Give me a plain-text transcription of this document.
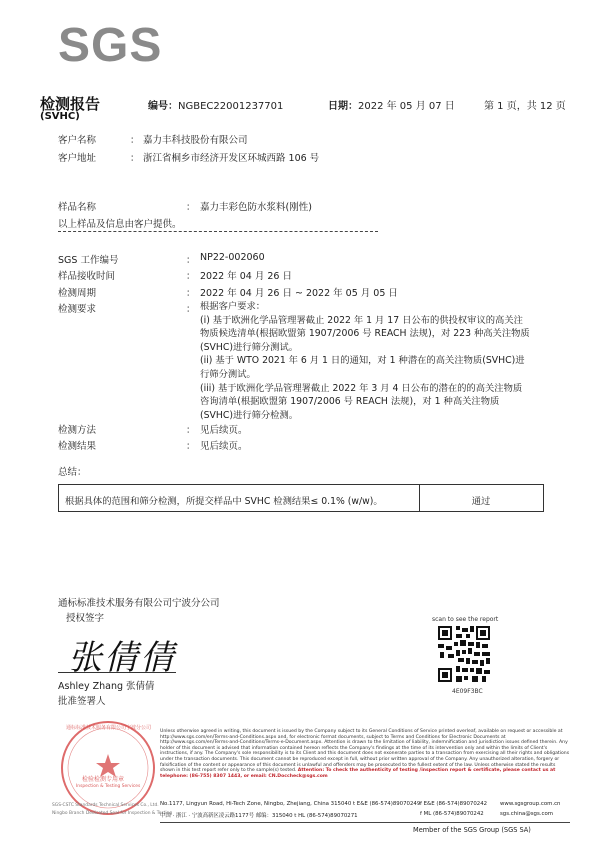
SGS
检测报告
(SVHC)
编号：NGBEC22001237701	日期：2022 年 05 月 07 日	第 1 页，共 12 页
客户名称	： 嘉力丰科技股份有限公司
客户地址	： 浙江省桐乡市经济开发区环城西路 106 号
样品名称	： 嘉力丰彩色防水浆料(刚性)
以上样品及信息由客户提供。
SGS 工作编号	： NP22-002060
样品接收时间	： 2022 年 04 月 26 日
检测周期	： 2022 年 04 月 26 日 ~ 2022 年 05 月 05 日
检测要求	： 根据客户要求：
(i) 基于欧洲化学品管理署截止 2022 年 1 月 17 日公布的供投权审议的高关注
物质候选清单(根据欧盟第 1907/2006 号 REACH 法规)，对 223 种高关注物质
(SVHC)进行筛分测试。
(ii) 基于 WTO 2021 年 6 月 1 日的通知，对 1 种潜在的高关注物质(SVHC)进
行筛分测试。
(iii) 基于欧洲化学品管理署截止 2022 年 3 月 4 日公布的潜在的的高关注物质
咨询清单(根据欧盟第 1907/2006 号 REACH 法规)，对 1 种高关注物质
(SVHC)进行筛分检测。
检测方法	： 见后续页。
检测结果	： 见后续页。
总结：
根据具体的范围和筛分检测，所提交样品中 SVHC 检测结果≤ 0.1% (w/w)。	通过
通标标准技术服务有限公司宁波分公司
授权签字
张倩倩
Ashley Zhang 张倩倩
批准签署人
scan to see the report
4E09F3BC
通标标准技术服务有限公司宁波分公司
检验检测专用章
Inspection & Testing Services
SGS-CSTC Standards Technical Services Co., Ltd.
Ningbo Branch Dedicated Seal for Inspection & Testing
Unless otherwise agreed in writing, this document is issued by the Company subject to its General Conditions of Service printed overleaf, available on request or accessible at http://www.sgs.com/en/Terms-and-Conditions.aspx and, for electronic format documents, subject to Terms and Conditions for Electronic Documents at http://www.sgs.com/en/Terms-and-Conditions/Terms-e-Document.aspx. Attention is drawn to the limitation of liability, indemnification and jurisdiction issues defined therein. Any holder of this document is advised that information contained hereon reflects the Company's findings at the time of its intervention only and within the limits of Client's instructions, if any. The Company's sole responsibility is to its Client and this document does not exonerate parties to a transaction from exercising all their rights and obligations under the transaction documents. This document cannot be reproduced except in full, without prior written approval of the Company. Any unauthorized alteration, forgery or falsification of the content or appearance of this document is unlawful and offenders may be prosecuted to the fullest extent of the law. Unless otherwise stated the results shown in this test report refer only to the sample(s) tested. Attention: To check the authenticity of testing /inspection report & certificate, please contact us at telephone: (86-755) 8307 1443, or email: CN.Doccheck@sgs.com
No.1177, Lingyun Road, Hi-Tech Zone, Ningbo, Zhejiang, China 315040 t E&E (86-574)89070249 f E&E (86-574)89070242 www.sgsgroup.com.cn
中国 · 浙江 · 宁波高新区凌云路1177号 邮编：315040 t HL (86-574)89070271	f ML (86-574)89070242	sgs.china@sgs.com
Member of the SGS Group (SGS SA)
